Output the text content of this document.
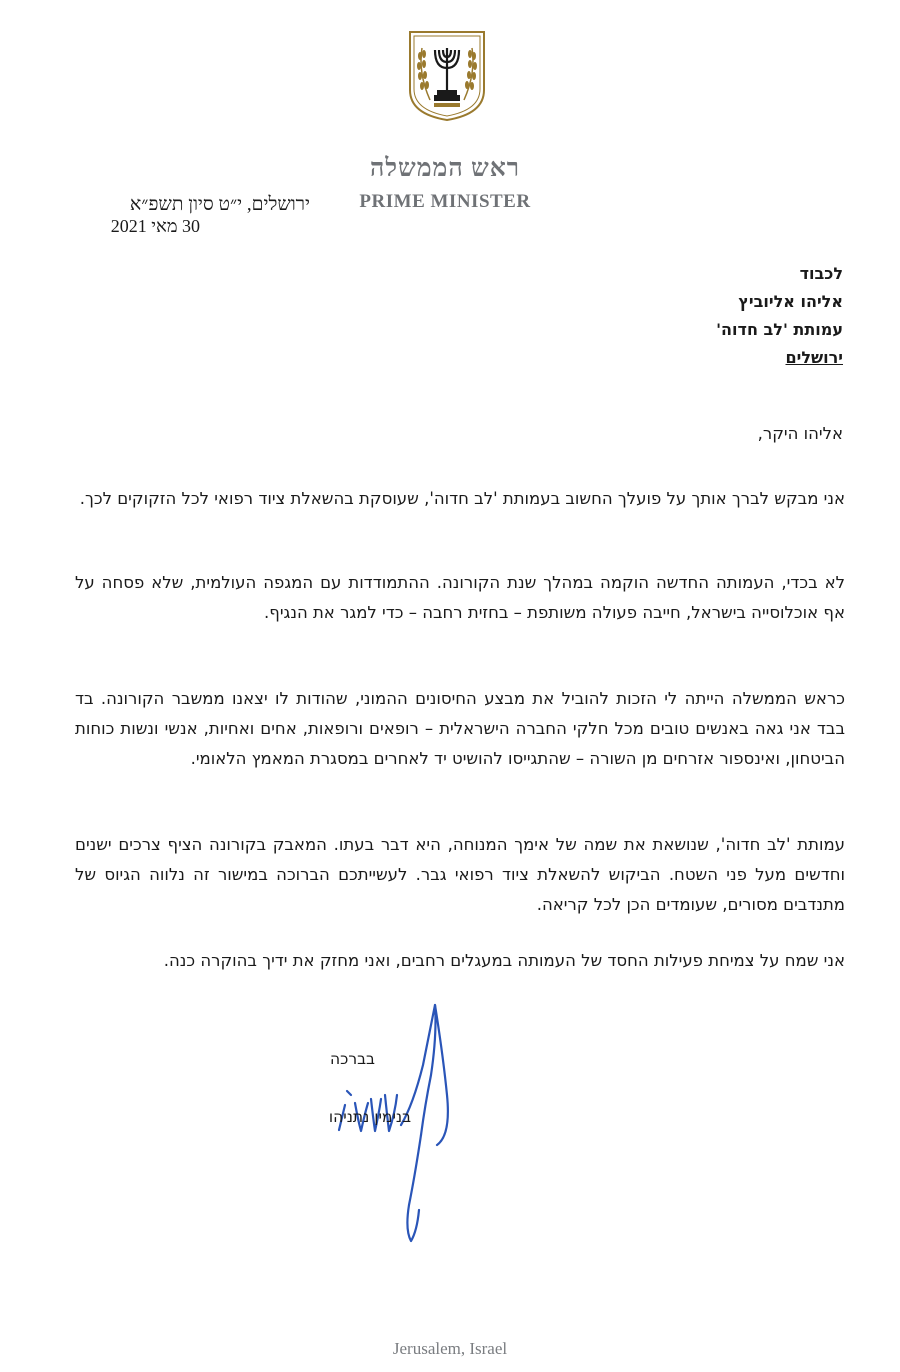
ראש הממשלה
PRIME MINISTER
ירושלים, י״ט סיון תשפ״א
30 מאי 2021
לכבוד
אליהו אליוביץ
עמותת 'לב חדוה'
ירושלים
אליהו היקר,
אני מבקש לברך אותך על פועלך החשוב בעמותת 'לב חדוה', שעוסקת בהשאלת ציוד רפואי לכל הזקוקים לכך.
לא בכדי, העמותה החדשה הוקמה במהלך שנת הקורונה. ההתמודדות עם המגפה העולמית, שלא פסחה על אף אוכלוסייה בישראל, חייבה פעולה משותפת – בחזית רחבה – כדי למגר את הנגיף.
כראש הממשלה הייתה לי הזכות להוביל את מבצע החיסונים ההמוני, שהודות לו יצאנו ממשבר הקורונה. בד בבד אני גאה באנשים טובים מכל חלקי החברה הישראלית – רופאים ורופאות, אחים ואחיות, אנשי ונשות כוחות הביטחון, ואינספור אזרחים מן השורה – שהתגייסו להושיט יד לאחרים במסגרת המאמץ הלאומי.
עמותת 'לב חדוה', שנושאת את שמה של אימך המנוחה, היא דבר בעתו. המאבק בקורונה הציף צרכים ישנים וחדשים מעל פני השטח. הביקוש להשאלת ציוד רפואי גבר. לעשייתכם הברוכה במישור זה נלווה הגיוס של מתנדבים מסורים, שעומדים הכן לכל קריאה.
אני שמח על צמיחת פעילות החסד של העמותה במעגלים רחבים, ואני מחזק את ידיך בהוקרה כנה.
בברכה
בנימין נתניהו
Jerusalem, Israel
